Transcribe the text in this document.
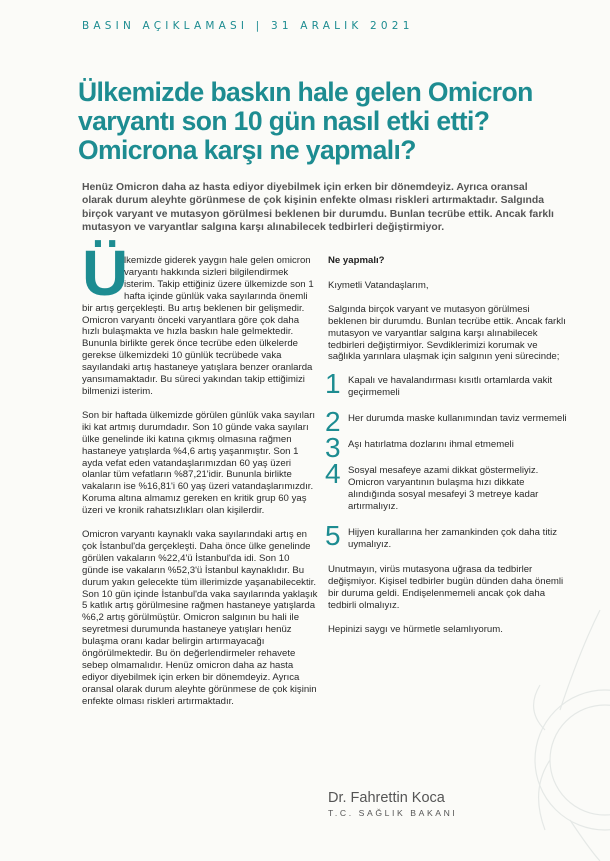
BASIN AÇIKLAMASI | 31 ARALIK 2021
Ülkemizde baskın hale gelen Omicron
varyantı son 10 gün nasıl etki etti?
Omicrona karşı ne yapmalı?
Henüz Omicron daha az hasta ediyor diyebilmek için erken bir dönemdeyiz. Ayrıca oransal olarak durum aleyhte görünmese de çok kişinin enfekte olması riskleri artırmaktadır. Salgında birçok varyant ve mutasyon görülmesi beklenen bir durumdu. Bunlan tecrübe ettik. Ancak farklı mutasyon ve varyantlar salgına karşı alınabilecek tedbirleri değiştirmiyor.

Ü
lkemizde giderek yaygın hale gelen omicron varyantı hakkında sizleri bilgilendirmek isterim. Takip ettiğiniz üzere ülkemizde son 1 hafta içinde günlük vaka sayılarında önemli bir artış gerçekleşti. Bu artış beklenen bir gelişmedir. Omicron varyantı önceki varyantlara göre çok daha hızlı bulaşmakta ve hızla baskın hale gelmektedir. Bununla birlikte gerek önce tecrübe eden ülkelerde gerekse ülkemizdeki 10 günlük tecrübede vaka sayılandaki artış hastaneye yatışlara benzer oranlarda yansımamaktadır. Bu süreci yakından takip ettiğimizi bilmenizi isterim.

Son bir haftada ülkemizde görülen günlük vaka sayıları iki kat artmış durumdadır. Son 10 günde vaka sayıları ülke genelinde iki katına çıkmış olmasına rağmen hastaneye yatışlarda %4,6 artış yaşanmıştır. Son 1 ayda vefat eden vatandaşlarımızdan 60 yaş üzeri olanlar tüm vefatların %87,21'idir. Bununla birlikte vakaların ise %16,81'i 60 yaş üzeri vatandaşlarımızdır. Koruma altına almamız gereken en kritik grup 60 yaş üzeri ve kronik rahatsızlıkları olan kişilerdir.

Omicron varyantı kaynaklı vaka sayılarındaki artış en çok İstanbul'da gerçekleşti. Daha önce ülke genelinde görülen vakaların %22,4'ü İstanbul'da idi. Son 10 günde ise vakaların %52,3'ü İstanbul kaynaklıdır. Bu durum yakın gelecekte tüm illerimizde yaşanabilecektir. Son 10 gün içinde İstanbul'da vaka sayılarında yaklaşık 5 katlık artış görülmesine rağmen hastaneye yatışlarda %6,2 artış görülmüştür. Omicron salgının bu hali ile seyretmesi durumunda hastaneye yatışları henüz bulaşma oranı kadar belirgin artırmayacağı öngörülmektedir. Bu ön değerlendirmeler rehavete sebep olmamalıdır. Henüz omicron daha az hasta ediyor diyebilmek için erken bir dönemdeyiz. Ayrıca oransal olarak durum aleyhte görünmese de çok kişinin enfekte olması riskleri artırmaktadır.

Ne yapmalı?

Kıymetli Vatandaşlarım,

Salgında birçok varyant ve mutasyon görülmesi beklenen bir durumdu. Bunlan tecrübe ettik. Ancak farklı mutasyon ve varyantlar salgına karşı alınabilecek tedbirleri değiştirmiyor. Sevdiklerimizi korumak ve sağlıkla yarınlara ulaşmak için salgının yeni sürecinde;

1 Kapalı ve havalandırması kısıtlı ortamlarda vakit geçirmemeli
2 Her durumda maske kullanımından taviz vermemeli
3 Aşı hatırlatma dozlarını ihmal etmemeli
4 Sosyal mesafeye azami dikkat göstermeliyiz. Omicron varyantının bulaşma hızı dikkate alındığında sosyal mesafeyi 3 metreye kadar artırmalıyız.
5 Hijyen kurallarına her zamankinden çok daha titiz uymalıyız.

Unutmayın, virüs mutasyona uğrasa da tedbirler değişmiyor. Kişisel tedbirler bugün dünden daha önemli bir duruma geldi. Endişelenmemeli ancak çok daha tedbirli olmalıyız.

Hepinizi saygı ve hürmetle selamlıyorum.

Dr. Fahrettin Koca
T.C. SAĞLIK BAKANI
